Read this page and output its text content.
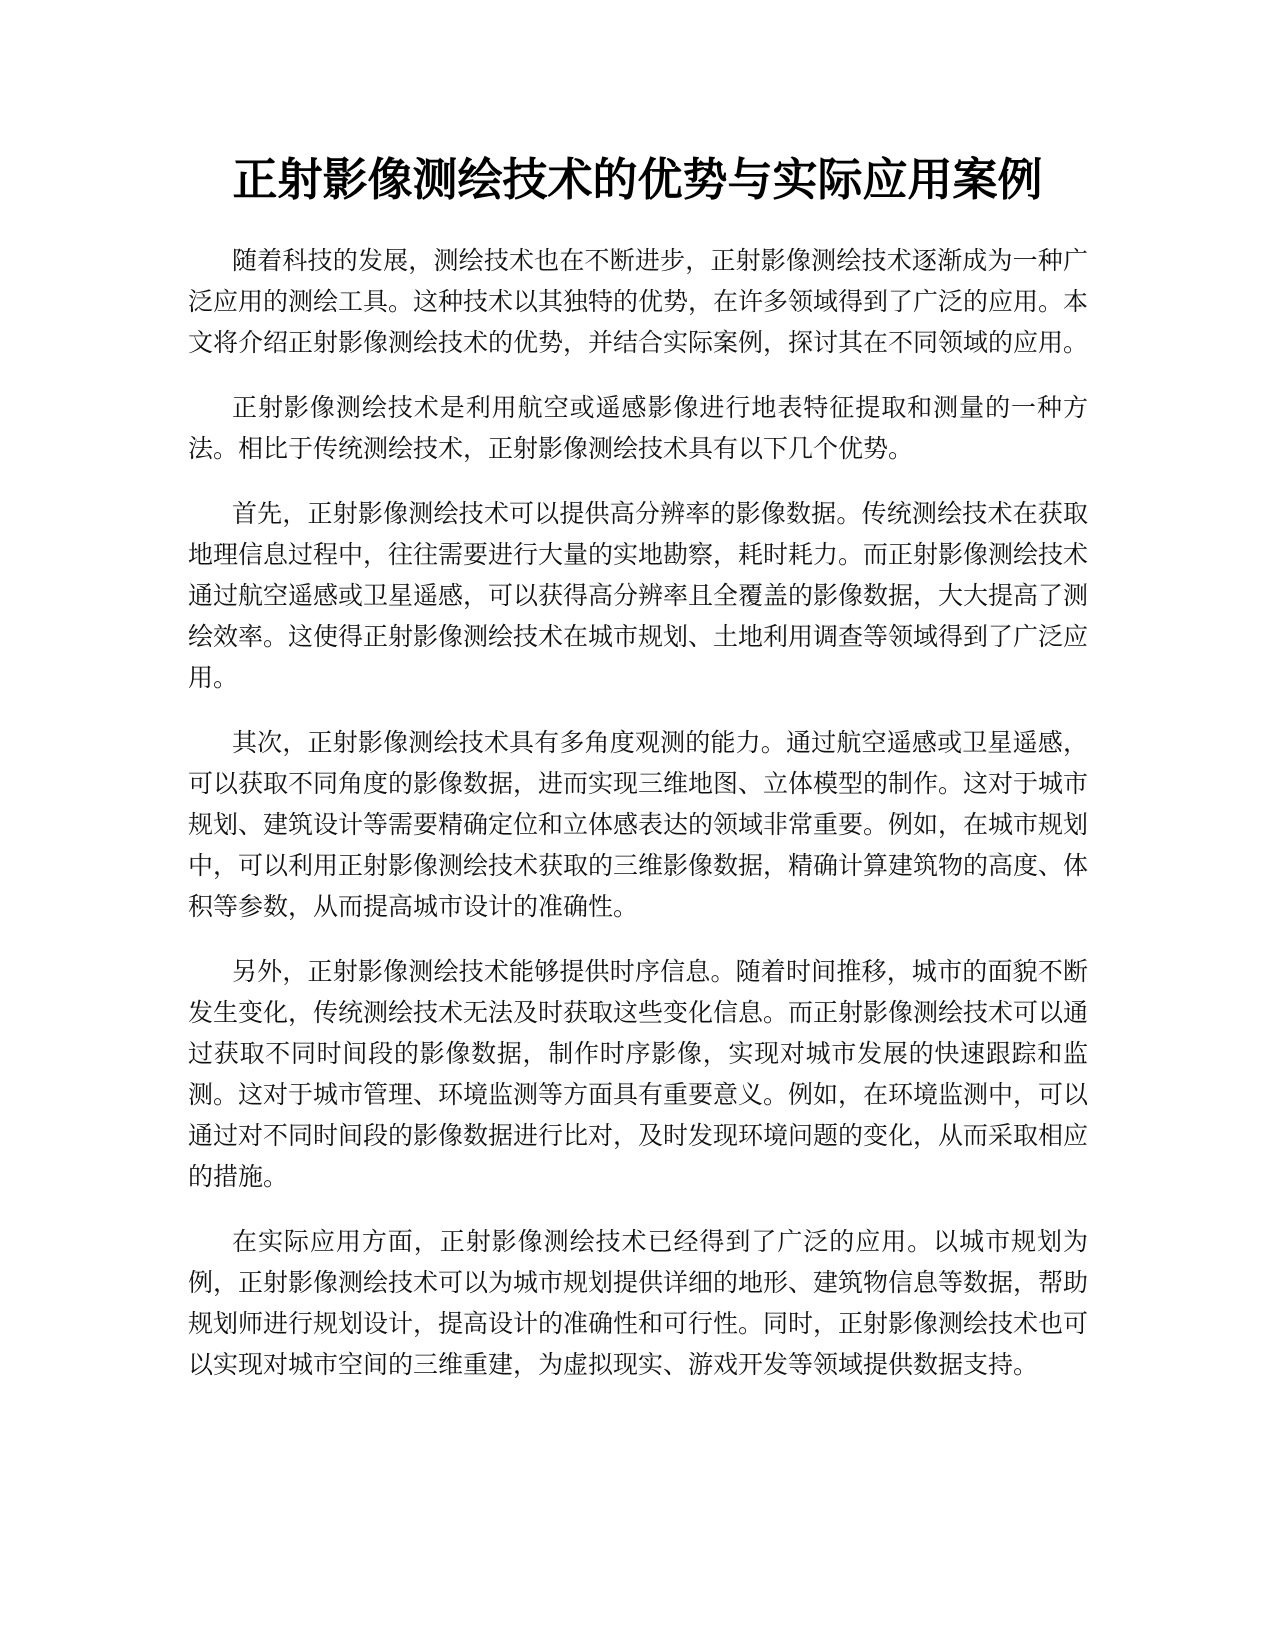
正射影像测绘技术的优势与实际应用案例

随着科技的发展，测绘技术也在不断进步，正射影像测绘技术逐渐成为一种广泛应用的测绘工具。这种技术以其独特的优势，在许多领域得到了广泛的应用。本文将介绍正射影像测绘技术的优势，并结合实际案例，探讨其在不同领域的应用。

正射影像测绘技术是利用航空或遥感影像进行地表特征提取和测量的一种方法。相比于传统测绘技术，正射影像测绘技术具有以下几个优势。

首先，正射影像测绘技术可以提供高分辨率的影像数据。传统测绘技术在获取地理信息过程中，往往需要进行大量的实地勘察，耗时耗力。而正射影像测绘技术通过航空遥感或卫星遥感，可以获得高分辨率且全覆盖的影像数据，大大提高了测绘效率。这使得正射影像测绘技术在城市规划、土地利用调查等领域得到了广泛应用。

其次，正射影像测绘技术具有多角度观测的能力。通过航空遥感或卫星遥感，可以获取不同角度的影像数据，进而实现三维地图、立体模型的制作。这对于城市规划、建筑设计等需要精确定位和立体感表达的领域非常重要。例如，在城市规划中，可以利用正射影像测绘技术获取的三维影像数据，精确计算建筑物的高度、体积等参数，从而提高城市设计的准确性。

另外，正射影像测绘技术能够提供时序信息。随着时间推移，城市的面貌不断发生变化，传统测绘技术无法及时获取这些变化信息。而正射影像测绘技术可以通过获取不同时间段的影像数据，制作时序影像，实现对城市发展的快速跟踪和监测。这对于城市管理、环境监测等方面具有重要意义。例如，在环境监测中，可以通过对不同时间段的影像数据进行比对，及时发现环境问题的变化，从而采取相应的措施。

在实际应用方面，正射影像测绘技术已经得到了广泛的应用。以城市规划为例，正射影像测绘技术可以为城市规划提供详细的地形、建筑物信息等数据，帮助规划师进行规划设计，提高设计的准确性和可行性。同时，正射影像测绘技术也可以实现对城市空间的三维重建，为虚拟现实、游戏开发等领域提供数据支持。
